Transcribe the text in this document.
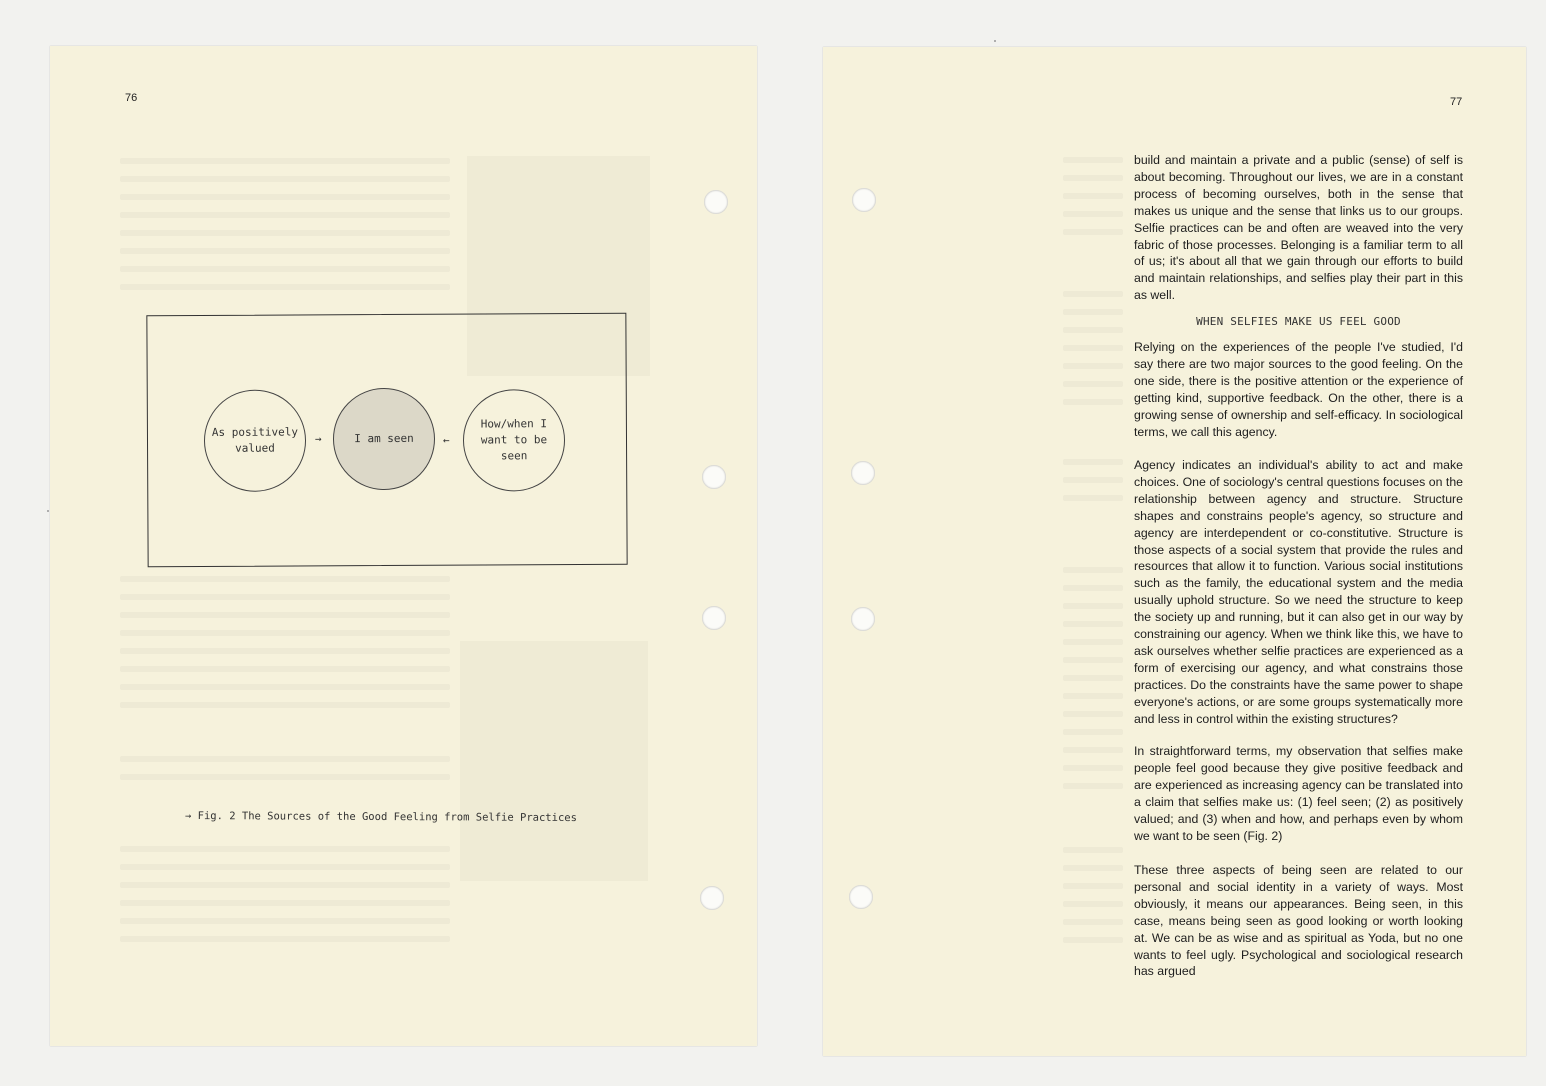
76
As positively valued
→	I am seen	←
How/when I want to be seen
→ Fig. 2 The Sources of the Good Feeling from Selfie Practices
77

build and maintain a private and a public (sense) of self is about becoming. Throughout our lives, we are in a constant process of becoming ourselves, both in the sense that makes us unique and the sense that links us to our groups. Selfie practices can be and often are weaved into the very fabric of those processes. Belonging is a familiar term to all of us; it's about all that we gain through our efforts to build and maintain relationships, and selfies play their part in this as well.

WHEN SELFIES MAKE US FEEL GOOD

Relying on the experiences of the people I've studied, I'd say there are two major sources to the good feeling. On the one side, there is the positive attention or the experience of getting kind, supportive feedback. On the other, there is a growing sense of ownership and self-efficacy. In sociological terms, we call this agency.

Agency indicates an individual's ability to act and make choices. One of sociology's central questions focuses on the relationship between agency and structure. Structure shapes and constrains people's agency, so structure and agency are interdependent or co-constitutive. Structure is those aspects of a social system that provide the rules and resources that allow it to function. Various social institutions such as the family, the educational system and the media usually uphold structure. So we need the structure to keep the society up and running, but it can also get in our way by constraining our agency. When we think like this, we have to ask ourselves whether selfie practices are experienced as a form of exercising our agency, and what constrains those practices. Do the constraints have the same power to shape everyone's actions, or are some groups systematically more and less in control within the existing structures?

In straightforward terms, my observation that selfies make people feel good because they give positive feedback and are experienced as increasing agency can be translated into a claim that selfies make us: (1) feel seen; (2) as positively valued; and (3) when and how, and perhaps even by whom we want to be seen (Fig. 2)

These three aspects of being seen are related to our personal and social identity in a variety of ways. Most obviously, it means our appearances. Being seen, in this case, means being seen as good looking or worth looking at. We can be as wise and as spiritual as Yoda, but no one wants to feel ugly. Psychological and sociological research has argued
